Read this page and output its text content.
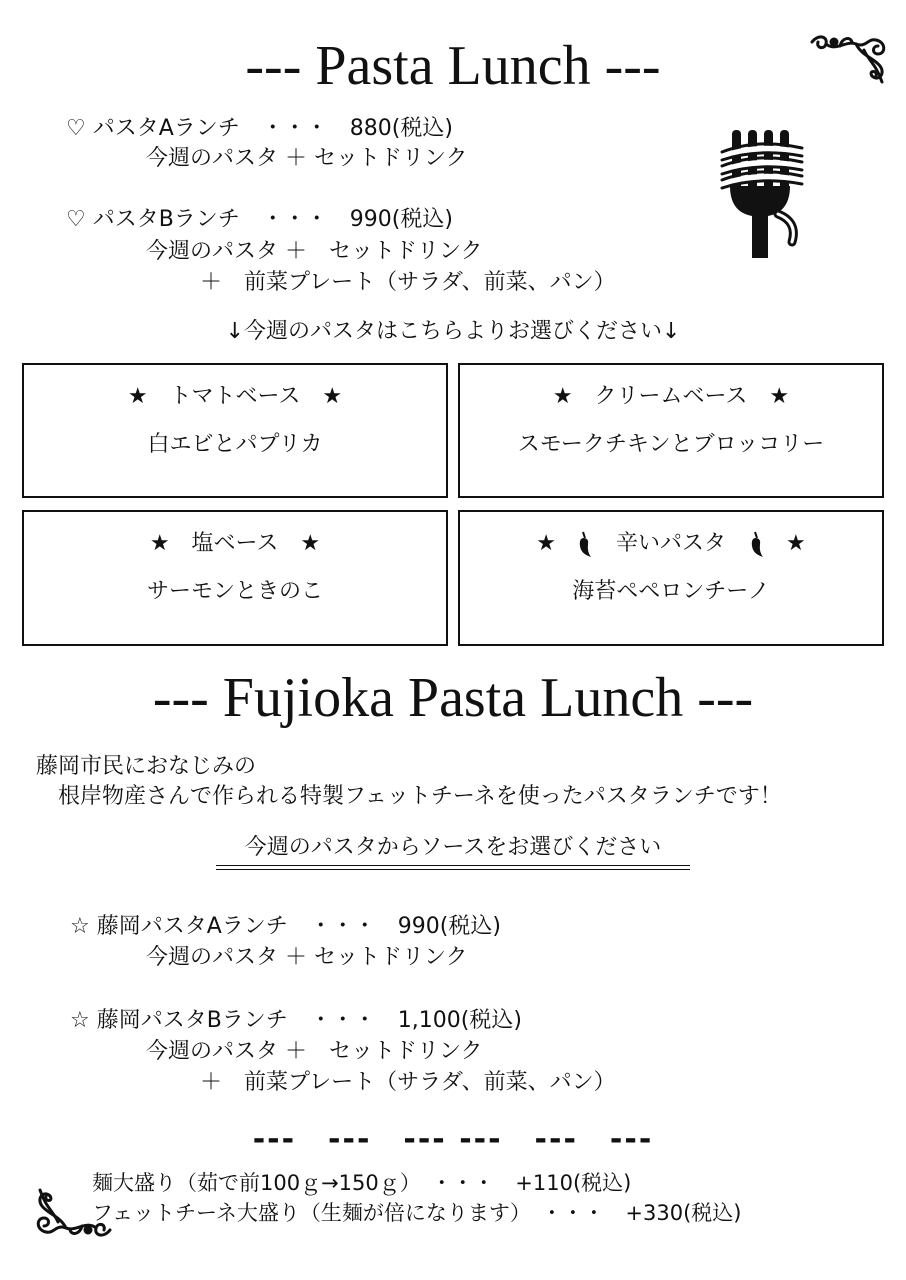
--- Pasta Lunch ---
♡ パスタAランチ　・・・　880(税込)
今週のパスタ ＋ セットドリンク
♡ パスタBランチ　・・・　990(税込)
今週のパスタ ＋　セットドリンク
＋　前菜プレート（サラダ、前菜、パン）
↓今週のパスタはこちらよりお選びください↓
★　トマトベース　★
白エビとパプリカ
★　クリームベース　★
スモークチキンとブロッコリー
★　塩ベース　★
サーモンときのこ
★	辛いパスタ	★
海苔ペペロンチーノ
--- Fujioka Pasta Lunch ---
藤岡市民におなじみの
根岸物産さんで作られる特製フェットチーネを使ったパスタランチです！
今週のパスタからソースをお選びください
☆ 藤岡パスタAランチ　・・・　990(税込)
今週のパスタ ＋ セットドリンク
☆ 藤岡パスタBランチ　・・・　1,100(税込)
今週のパスタ ＋　セットドリンク
＋　前菜プレート（サラダ、前菜、パン）
---　---　--- ---　---　---
麺大盛り（茹で前100ｇ→150ｇ）　・・・　+110(税込)
フェットチーネ大盛り（生麺が倍になります）　・・・　+330(税込)
